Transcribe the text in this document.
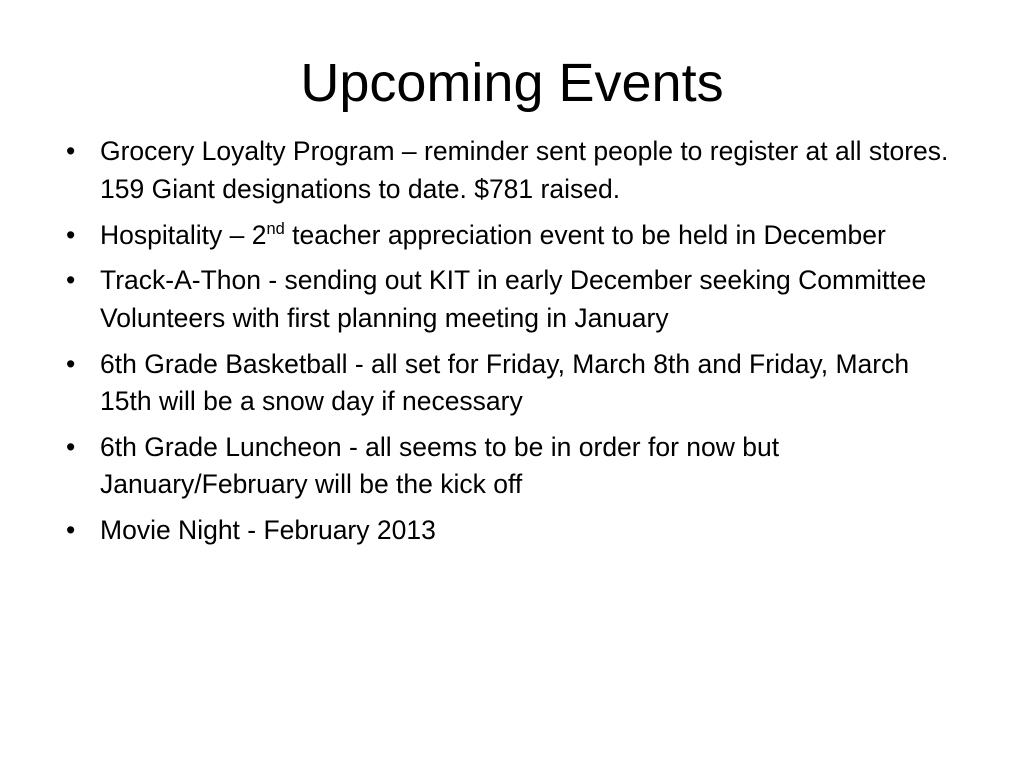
Upcoming Events
• Grocery Loyalty Program – reminder sent people to register at all stores. 159 Giant designations to date. $781 raised.
• Hospitality – 2nd teacher appreciation event to be held in December
• Track-A-Thon - sending out KIT in early December seeking Committee Volunteers with first planning meeting in January
• 6th Grade Basketball - all set for Friday, March 8th and Friday, March 15th will be a snow day if necessary
• 6th Grade Luncheon - all seems to be in order for now but January/February will be the kick off
• Movie Night - February 2013
